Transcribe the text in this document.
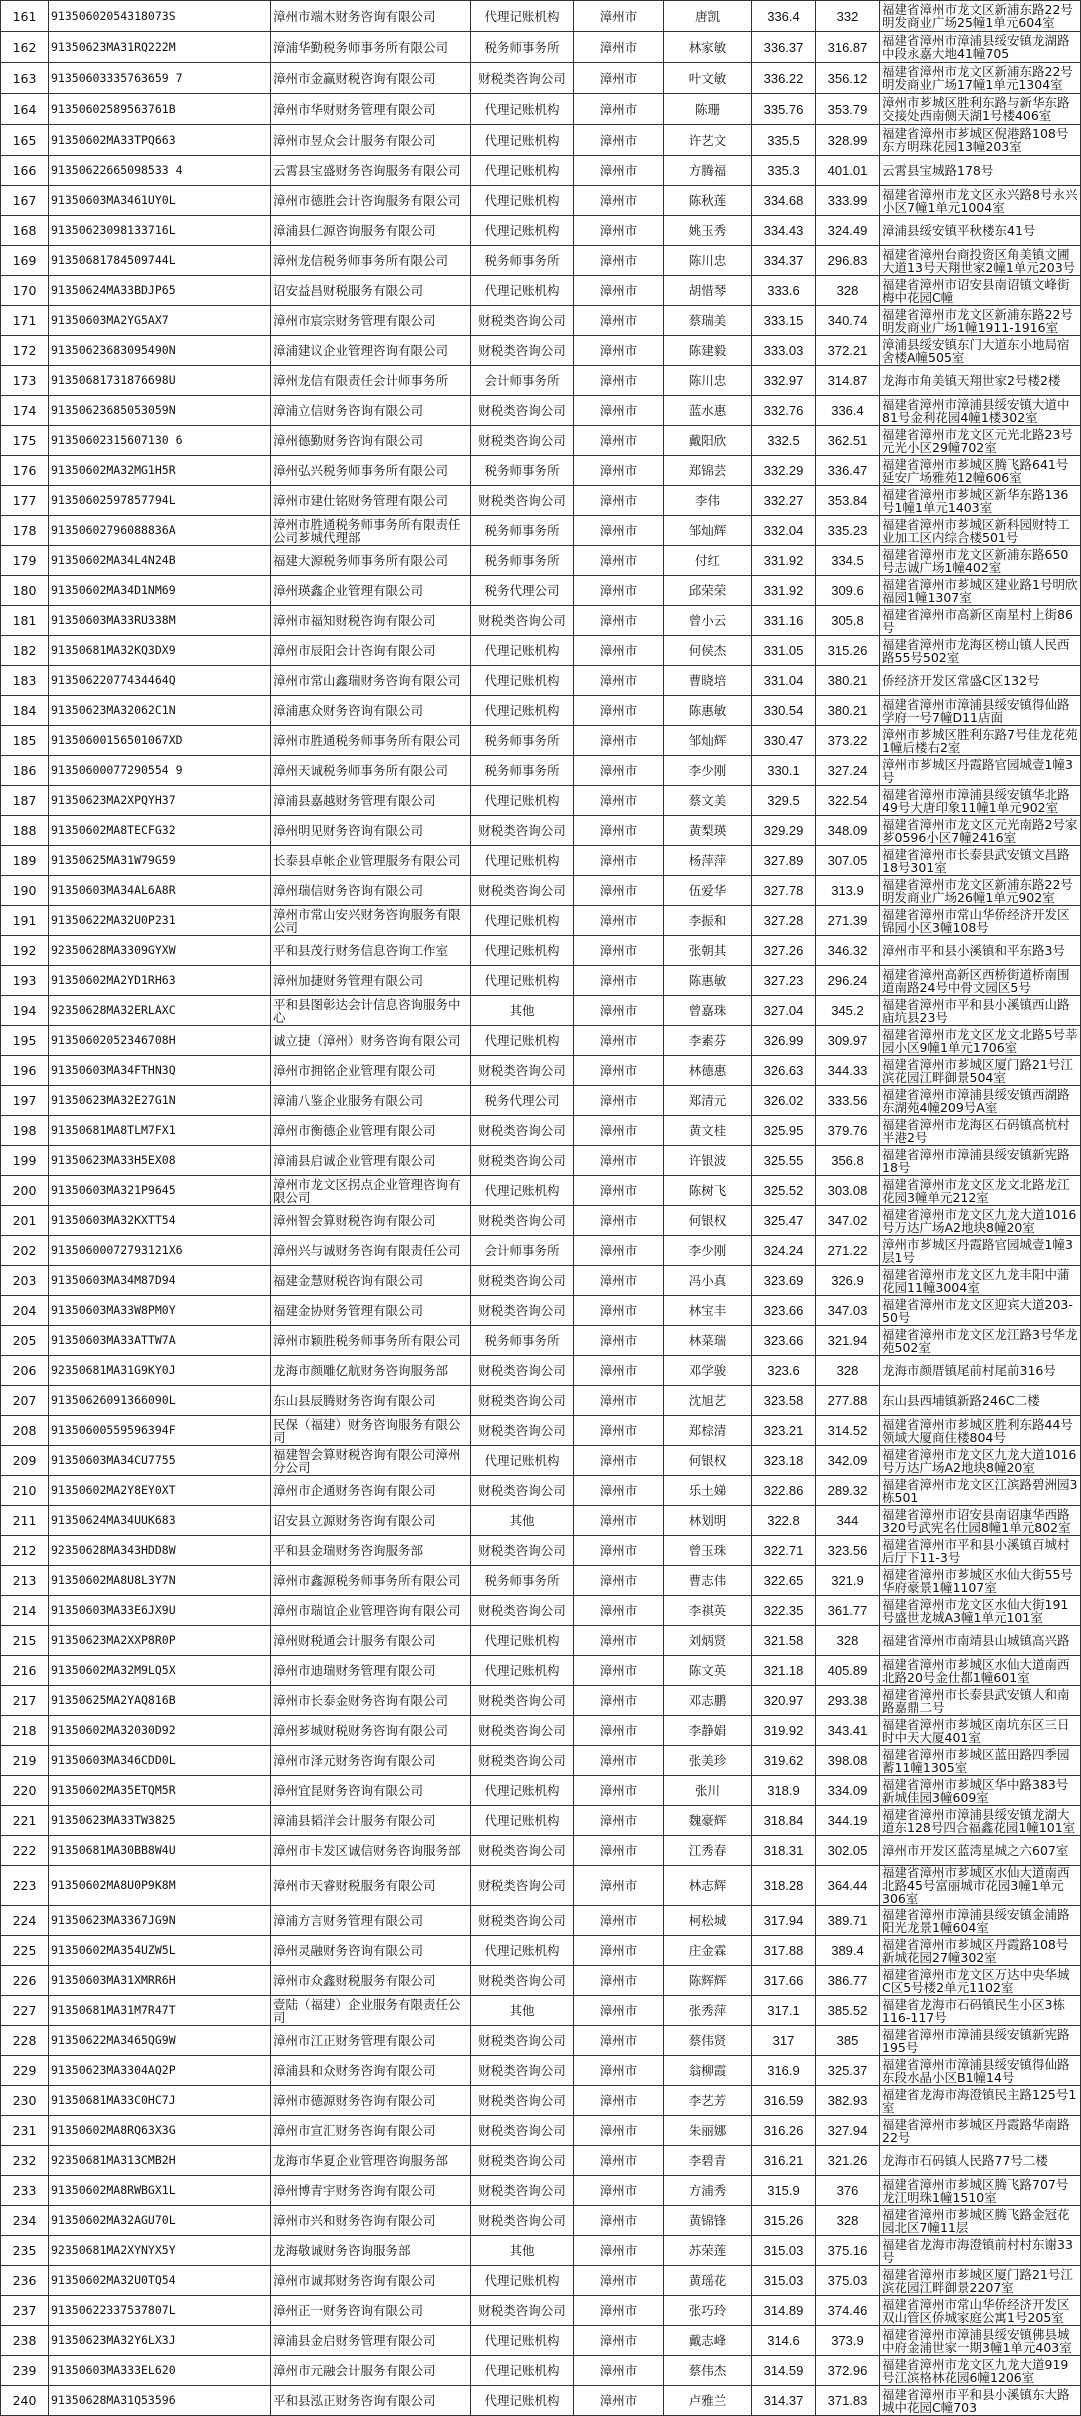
161	91350602054318073S	漳州市端木财务咨询有限公司	代理记账机构	漳州市	唐凯	336.4	332	福建省漳州市龙文区新浦东路22号明发商业广场25幢1单元604室
162	91350623MA31RQ222M	漳浦华勤税务师事务所有限公司	税务师事务所	漳州市	林家敏	336.37	316.87	福建省漳州市漳浦县绥安镇龙湖路中段永嘉大地41幢705
163	91350603335763659 7	漳州市金赢财税咨询有限公司	财税类咨询公司	漳州市	叶文敏	336.22	356.12	福建省漳州市龙文区新浦东路22号明发商业广场17幢1单元1304室
164	91350602589563761B	漳州市华财财务管理有限公司	代理记账机构	漳州市	陈珊	335.76	353.79	漳州市芗城区胜利东路与新华东路交接处西南侧天湖1号楼406室
165	91350602MA33TPQ663	漳州市昱众会计服务有限公司	代理记账机构	漳州市	许艺文	335.5	328.99	福建省漳州市芗城区倪港路108号东方明珠花园13幢203室
166	91350622665098533 4	云霄县宝盛财务咨询服务有限公司	代理记账机构	漳州市	方腾福	335.3	401.01	云霄县宝城路178号
167	91350603MA3461UY0L	漳州市德胜会计咨询服务有限公司	代理记账机构	漳州市	陈秋莲	334.68	333.99	福建省漳州市龙文区永兴路8号永兴小区7幢1单元1004室
168	91350623098133716L	漳浦县仁源咨询服务有限公司	代理记账机构	漳州市	姚玉秀	334.43	324.49	漳浦县绥安镇平秋楼东41号
169	91350681784509744L	漳州龙信税务师事务所有限公司	税务师事务所	漳州市	陈川忠	334.37	296.83	福建省漳州台商投资区角美镇文圃大道13号天翔世家2幢1单元203号
170	91350624MA33BDJP65	诏安益昌财税服务有限公司	代理记账机构	漳州市	胡惜琴	333.6	328	福建省漳州市诏安县南诏镇文峰街梅中花园C幢
171	91350603MA2YG5AX7	漳州市宸宗财务管理有限公司	财税类咨询公司	漳州市	蔡瑞美	333.15	340.74	福建省漳州市龙文区新浦东路22号明发商业广场1幢1911-1916室
172	91350623683095490N	漳浦建议企业管理咨询有限公司	财税类咨询公司	漳州市	陈建毅	333.03	372.21	漳浦县绥安镇东门大道东小地局宿舍楼A幢505室
173	91350681731876698U	漳州龙信有限责任会计师事务所	会计师事务所	漳州市	陈川忠	332.97	314.87	龙海市角美镇天翔世家2号楼2楼
174	91350623685053059N	漳浦立信财务咨询有限公司	财税类咨询公司	漳州市	蓝水惠	332.76	336.4	福建省漳州市漳浦县绥安镇大道中81号金利花园4幢1楼302室
175	91350602315607130 6	漳州德勤财务咨询有限公司	财税类咨询公司	漳州市	戴阳欣	332.5	362.51	福建省漳州市龙文区元光北路23号元光小区29幢702室
176	91350602MA32MG1H5R	漳州弘兴税务师事务所有限公司	税务师事务所	漳州市	郑锦芸	332.29	336.47	福建省漳州市芗城区腾飞路641号延安广场雅苑12幢606室
177	91350602597857794L	漳州市建仕铭财务管理有限公司	财税类咨询公司	漳州市	李伟	332.27	353.84	福建省漳州市芗城区新华东路136号1幢1单元1403室
178	91350602796088836A	漳州市胜通税务师事务所有限责任公司芗城代理部	税务师事务所	漳州市	邹灿辉	332.04	335.23	福建省漳州市芗城区新科园财特工业加工区内综合楼501号
179	91350602MA34L4N24B	福建大源税务师事务所有限公司	税务师事务所	漳州市	付红	331.92	334.5	福建省漳州市龙文区新浦东路650号志诚广场1幢402室
180	91350602MA34D1NM69	漳州瑛鑫企业管理有限公司	税务代理公司	漳州市	邱荣荣	331.92	309.6	福建省漳州市芗城区建业路1号明欣福园1幢1307室
181	91350603MA33RU338M	漳州市福知财税咨询有限公司	财税类咨询公司	漳州市	曾小云	331.16	305.8	福建省漳州市高新区南星村上街86号
182	91350681MA32KQ3DX9	漳州市辰阳会计咨询有限公司	代理记账机构	漳州市	何侯杰	331.05	315.26	福建省漳州市龙海区榜山镇人民西路55号502室
183	91350622077434464Q	漳州市常山鑫瑞财务咨询有限公司	代理记账机构	漳州市	曹晓培	331.04	380.21	侨经济开发区常盛C区132号
184	91350623MA32062C1N	漳浦惠众财务咨询有限公司	代理记账机构	漳州市	陈惠敏	330.54	380.21	福建省漳州市漳浦县绥安镇得仙路学府一号7幢D11店面
185	91350600156501067XD	漳州市胜通税务师事务所有限公司	税务师事务所	漳州市	邹灿辉	330.47	373.22	漳州市芗城区胜利东路7号佳龙花苑1幢后楼右2室
186	91350600077290554 9	漳州天诚税务师事务所有限公司	税务师事务所	漳州市	李少刚	330.1	327.24	漳州市芗城区丹霞路官园城壹1幢3号
187	91350623MA2XPQYH37	漳浦县嘉越财务管理有限公司	代理记账机构	漳州市	蔡文美	329.5	322.54	福建省漳州市漳浦县绥安镇华北路49号大唐印象11幢1单元902室
188	91350602MA8TECFG32	漳州明见财务咨询有限公司	财税类咨询公司	漳州市	黄梨瑛	329.29	348.09	福建省漳州市龙文区元光南路2号家芗0596小区7幢2416室
189	91350625MA31W79G59	长泰县卓帐企业管理服务有限公司	代理记账机构	漳州市	杨萍萍	327.89	307.05	福建省漳州市长泰县武安镇文昌路18号301室
190	91350603MA34AL6A8R	漳州瑞信财务咨询有限公司	财税类咨询公司	漳州市	伍爱华	327.78	313.9	福建省漳州市龙文区新浦东路22号明发商业广场26幢1单元902室
191	91350622MA32U0P231	漳州市常山安兴财务咨询服务有限公司	代理记账机构	漳州市	李振和	327.28	271.39	福建省漳州市常山华侨经济开发区锦园小区3幢108号
192	92350628MA3309GYXW	平和县茂行财务信息咨询工作室	代理记账机构	漳州市	张朝其	327.26	346.32	漳州市平和县小溪镇和平东路3号
193	91350602MA2YD1RH63	漳州加捷财务管理有限公司	代理记账机构	漳州市	陈惠敏	327.23	296.24	福建省漳州高新区西桥街道桥南围道南路24号中骨文园区5号
194	92350628MA32ERLAXC	平和县图彰达会计信息咨询服务中心	其他	漳州市	曾嘉珠	327.04	345.2	福建省漳州市平和县小溪镇西山路庙坑县23号
195	91350602052346708H	诚立捷（漳州）财务咨询有限公司	代理记账机构	漳州市	李素芬	326.99	309.97	福建省漳州市龙文区龙文北路5号莘园小区9幢1单元1706室
196	91350603MA34FTHN3Q	漳州市拥铭企业管理有限公司	财税类咨询公司	漳州市	林德惠	326.63	344.33	福建省漳州市芗城区厦门路21号江滨花园江畔御景504室
197	91350623MA32E27G1N	漳浦八鉴企业服务有限公司	税务代理公司	漳州市	郑清元	326.02	333.56	福建省漳州市漳浦县绥安镇西湖路东湖苑4幢209号A室
198	91350681MA8TLM7FX1	漳州市衡德企业管理有限公司	财税类咨询公司	漳州市	黄文桂	325.95	379.76	福建省漳州市龙海区石码镇高杭村半港2号
199	91350623MA33H5EX08	漳浦县启诚企业管理有限公司	财税类咨询公司	漳州市	许银波	325.55	356.8	福建省漳州市漳浦县绥安镇新宪路18号
200	91350603MA321P9645	漳州市龙文区拐点企业管理咨询有限公司	代理记账机构	漳州市	陈树飞	325.52	303.08	福建省漳州市龙文区龙文北路龙江花园3幢单元212室
201	91350603MA32KXTT54	漳州智会算财税咨询有限公司	财税类咨询公司	漳州市	何银权	325.47	347.02	福建省漳州市龙文区九龙大道1016号万达广场A2地块8幢20室
202	91350600072793121X6	漳州兴与诚财务咨询有限责任公司	会计师事务所	漳州市	李少刚	324.24	271.22	漳州市芗城区丹霞路官园城壹1幢3层1号
203	91350603MA34M87D94	福建金慧财税咨询有限公司	财税类咨询公司	漳州市	冯小真	323.69	326.9	福建省漳州市龙文区九龙丰阳中蒲花园11幢3004室
204	91350603MA33W8PM0Y	福建金协财务管理有限公司	财税类咨询公司	漳州市	林宝丰	323.66	347.03	福建省漳州市龙文区迎宾大道203-50号
205	91350603MA33ATTW7A	漳州市颖胜税务师事务所有限公司	税务师事务所	漳州市	林菜瑞	323.66	321.94	福建省漳州市龙文区龙江路3号华龙苑502室
206	92350681MA31G9KY0J	龙海市颜雕亿航财务咨询服务部	财税类咨询公司	漳州市	邓学骏	323.6	328	龙海市颜厝镇尾前村尾前316号
207	91350626091366090L	东山县辰腾财务咨询有限公司	财税类咨询公司	漳州市	沈旭艺	323.58	277.88	东山县西埔镇新路246C二楼
208	91350600559596394F	民保（福建）财务咨询服务有限公司	财税类咨询公司	漳州市	郑棕清	323.21	314.52	福建省漳州市芗城区胜利东路44号领域大厦商住楼804号
209	91350603MA34CU7755	福建智会算财税咨询有限公司漳州分公司	代理记账机构	漳州市	何银权	323.18	342.09	福建省漳州市龙文区九龙大道1016号万达广场A2地块8幢20室
210	91350602MA2Y8EY0XT	漳州市企通财务咨询有限公司	财税类咨询公司	漳州市	乐土娣	322.86	289.32	福建省漳州市龙文区江滨路碧洲园3栋501
211	91350624MA34UUK683	诏安县立源财务咨询有限公司	其他	漳州市	林划明	322.8	344	福建省漳州市诏安县南诏康华西路320号武宪名仕园8幢1单元802室
212	92350628MA343HDD8W	平和县金瑞财务咨询服务部	财税类咨询公司	漳州市	曾玉珠	322.71	323.56	福建省漳州市平和县小溪镇百城村后厅下11-3号
213	91350602MA8U8L3Y7N	漳州市鑫源税务师事务所有限公司	税务师事务所	漳州市	曹志伟	322.65	321.9	福建省漳州市芗城区水仙大街55号华府豪景1幢1107室
214	91350603MA33E6JX9U	漳州市瑞谊企业管理咨询有限公司	财税类咨询公司	漳州市	李祺英	322.35	361.77	福建省漳州市龙文区水仙大街191号盛世龙城A3幢1单元101室
215	91350623MA2XXP8R0P	漳州财税通会计服务有限公司	代理记账机构	漳州市	刘炳贤	321.58	328	福建省漳州市南靖县山城镇高兴路
216	91350602MA32M9LQ5X	漳州市迪瑞财务管理有限公司	代理记账机构	漳州市	陈文英	321.18	405.89	福建省漳州市芗城区水仙大道南西北路20号金仕都1幢601室
217	91350625MA2YAQ816B	漳州市长泰金财务咨询有限公司	财税类咨询公司	漳州市	邓志鹏	320.97	293.38	福建省漳州市长泰县武安镇人和南路嘉鼎二号
218	91350602MA32030D92	漳州芗城财税财务咨询有限公司	财税类咨询公司	漳州市	李静娟	319.92	343.41	福建省漳州市芗城区南坑东区三日时中天大厦401室
219	91350603MA346CDD0L	漳州市泽元财务咨询有限公司	财税类咨询公司	漳州市	张美珍	319.62	398.08	福建省漳州市芗城区蓝田路四季园蓄11幢1305室
220	91350602MA35ETQM5R	漳州宜昆财务咨询有限公司	代理记账机构	漳州市	张川	318.9	334.09	福建省漳州市芗城区华中路383号新城佳园3幢609室
221	91350623MA33TW3825	漳浦县韬洋会计服务有限公司	代理记账机构	漳州市	魏豪辉	318.84	344.19	福建省漳州市漳浦县绥安镇龙湖大道东128号四合福鑫花园1幢101室
222	91350681MA30BB8W4U	漳州市卡发区诚信财务咨询服务部	财税类咨询公司	漳州市	江秀春	318.31	302.05	漳州市开发区蓝湾星城之六607室
223	91350602MA8U0P9K8M	漳州市天睿财税服务有限公司	财税类咨询公司	漳州市	林志辉	318.28	364.44	福建省漳州市芗城区水仙大道南西北路45号富丽城市花园3幢1单元306室
224	91350623MA3367JG9N	漳浦方言财务管理有限公司	财税类咨询公司	漳州市	柯松城	317.94	389.71	福建省漳州市漳浦县绥安镇金浦路阳光龙景1幢604室
225	91350602MA354UZW5L	漳州灵融财务咨询有限公司	代理记账机构	漳州市	庄金霖	317.88	389.4	福建省漳州市芗城区丹霞路108号新城花园27幢302室
226	91350603MA31XMRR6H	漳州市众鑫财税服务有限公司	财税类咨询公司	漳州市	陈辉辉	317.66	386.77	福建省漳州市龙文区万达中央华城C区5号楼2单元1102室
227	91350681MA31M7R47T	壹陆（福建）企业服务有限责任公司	其他	漳州市	张秀萍	317.1	385.52	福建省龙海市石码镇民生小区3栋116-117号
228	91350622MA3465QG9W	漳州市江正财务管理有限公司	财税类咨询公司	漳州市	蔡伟贤	317	385	福建省漳州市漳浦县绥安镇新宪路195号
229	91350623MA3304AQ2P	漳浦县和众财务咨询有限公司	财税类咨询公司	漳州市	翁柳霞	316.9	325.37	福建省漳州市漳浦县绥安镇得仙路东段水晶小区B1幢14号
230	91350681MA33C0HC7J	漳州市德源财务咨询有限公司	财税类咨询公司	漳州市	李艺芳	316.59	382.93	福建省龙海市海澄镇民主路125号1室
231	91350602MA8RQ63X3G	漳州市宣汇财务咨询有限公司	财税类咨询公司	漳州市	朱丽娜	316.26	327.94	福建省漳州市芗城区丹霞路华南路22号
232	92350681MA313CMB2H	龙海市华夏企业管理咨询服务部	财税类咨询公司	漳州市	李碧青	316.21	321.26	龙海市石码镇人民路77号二楼
233	91350602MA8RWBGX1L	漳州博青宇财务咨询有限公司	财税类咨询公司	漳州市	方浦秀	315.9	376	福建省漳州市芗城区腾飞路707号龙江明珠1幢1510室
234	91350602MA32AGU70L	漳州市兴和财务咨询有限公司	财税类咨询公司	漳州市	黄锦锋	315.26	328	福建省漳州市芗城区腾飞路金冠花园北区7幢11层
235	92350681MA2XYNYX5Y	龙海敬诚财务咨询服务部	其他	漳州市	苏荣莲	315.03	375.16	福建省龙海市海澄镇前村村东谢33号
236	91350602MA32U0TQ54	漳州市诚邦财务咨询有限公司	代理记账机构	漳州市	黄瑶花	315.03	375.03	福建省漳州市芗城区厦门路21号江滨花园江畔御景2207室
237	91350622337537807L	漳州正一财务咨询有限公司	财税类咨询公司	漳州市	张巧玲	314.89	374.46	福建省漳州市常山华侨经济开发区双山管区侨城家庭公寓1号205室
238	91350623MA32Y6LX3J	漳浦县金启财务管理有限公司	代理记账机构	漳州市	戴志峰	314.6	373.9	福建省漳州市漳浦县绥安镇佛县城中府金浦世家一期3幢1单元403室
239	91350603MA333EL620	漳州市元融会计服务有限公司	代理记账机构	漳州市	蔡伟杰	314.59	372.96	福建省漳州市龙文区九龙大道919号江滨格林花园6幢1206室
240	91350628MA31Q53596	平和县泓正财务咨询有限公司	代理记账机构	漳州市	卢雅兰	314.37	371.83	福建省漳州市平和县小溪镇东大路城中花园C幢703
